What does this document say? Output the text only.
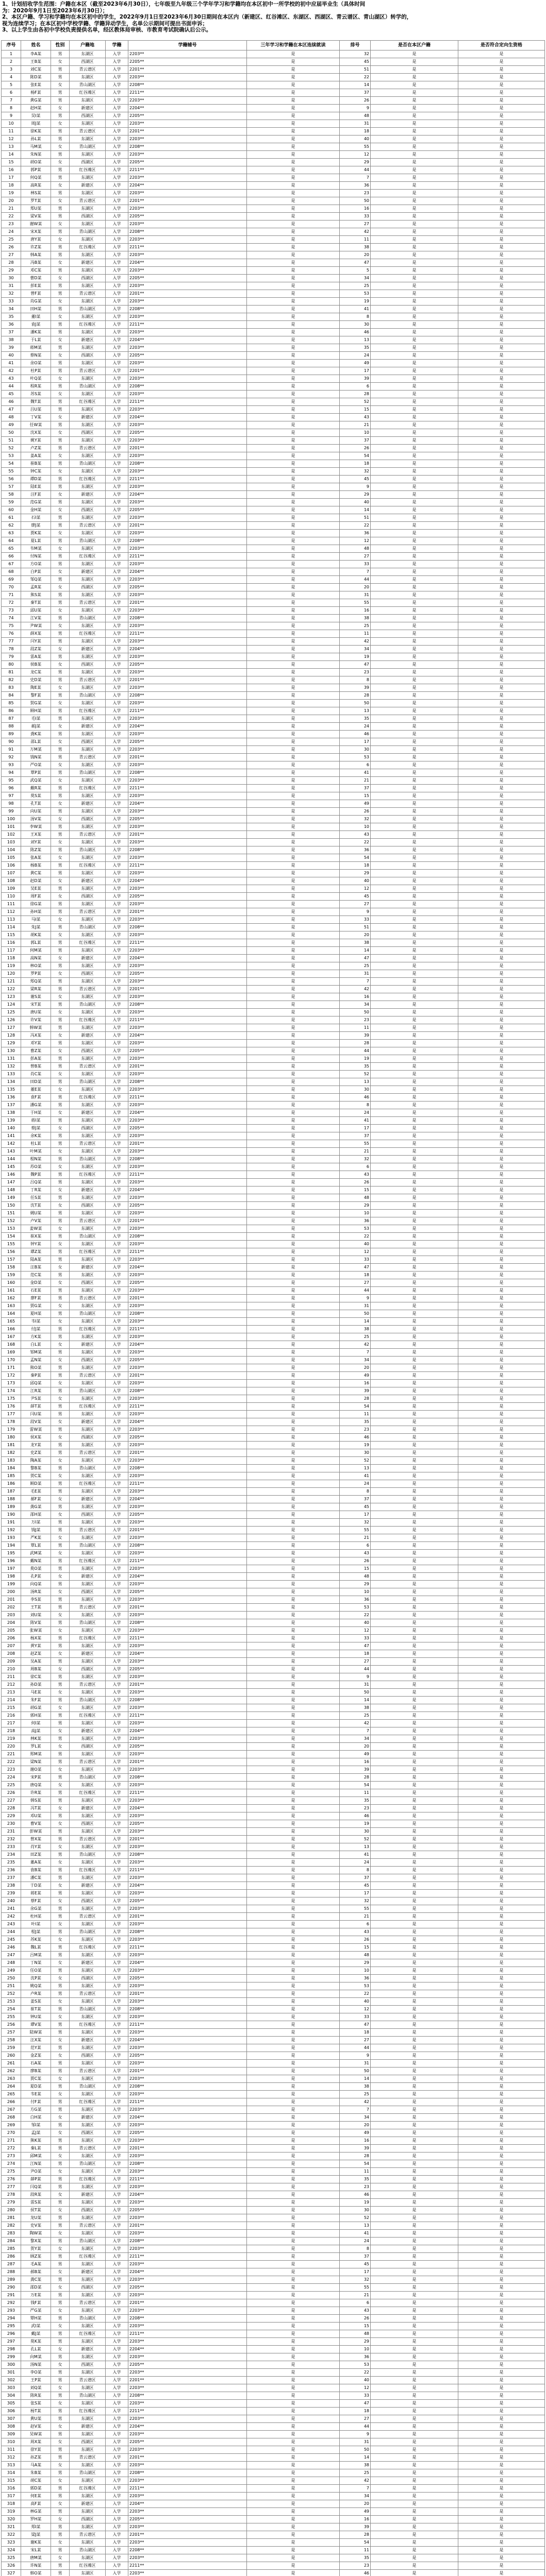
1、计划招收学生范围：户籍在本区（截至2023年6月30日），七年级至九年级三个学年学习和学籍均在本区初中一所学校的初中应届毕业生（具体时间
为：2020年9月1日至2023年6月30日）；
2、本区户籍、学习和学籍均在本区初中的学生，2022年9月1日至2023年6月30日期间在本区内（新建区、红谷滩区、东湖区、西湖区、青云谱区、青山湖区）转学的，
视为连续学习；在本区初中学校学籍、学籍异动学生，名单公示期间可提出书面申诉；
3、以上学生由各初中学校负责提供名单，经区教体局审核、市教育考试院确认后公示。
序号	姓名	性别	户籍地	学籍	学籍辅号	三年学习和学籍在本区连续就读	排号	是否在本区户籍	是否符合定向生资格
1	李A某	男	东湖区	入学	2203**	是	32	是	是
2	王B某	女	西湖区	入学	2205**	是	45	是	是
3	刘C某	男	青云谱区	入学	2201**	是	51	是	是
4	陈D某	男	东湖区	入学	2203**	是	22	是	是
5	张E某	女	青山湖区	入学	2208**	是	14	是	是
6	杨F某	男	红谷滩区	入学	2211**	是	37	是	是
7	黄G某	男	东湖区	入学	2203**	是	26	是	是
8	赵H某	女	新建区	入学	2204**	是	9	是	是
9	吴I某	男	西湖区	入学	2205**	是	48	是	是
10	周J某	女	东湖区	入学	2203**	是	31	是	是
11	徐K某	男	青云谱区	入学	2201**	是	18	是	是
12	孙L某	男	东湖区	入学	2203**	是	40	是	是
13	马M某	女	青山湖区	入学	2208**	是	55	是	是
14	朱N某	男	东湖区	入学	2203**	是	12	是	是
15	胡O某	女	西湖区	入学	2205**	是	29	是	是
16	郭P某	男	红谷滩区	入学	2211**	是	44	是	是
17	何Q某	男	东湖区	入学	2203**	是	7	是	是
18	高R某	女	新建区	入学	2204**	是	36	是	是
19	林S某	男	东湖区	入学	2203**	是	23	是	是
20	罗T某	女	青云谱区	入学	2201**	是	50	是	是
21	郑U某	男	东湖区	入学	2203**	是	16	是	是
22	梁V某	男	西湖区	入学	2205**	是	33	是	是
23	谢W某	女	东湖区	入学	2203**	是	27	是	是
24	宋X某	男	青山湖区	入学	2208**	是	42	是	是
25	唐Y某	女	东湖区	入学	2203**	是	11	是	是
26	许Z某	男	红谷滩区	入学	2211**	是	38	是	是
27	韩A某	男	东湖区	入学	2203**	是	20	是	是
28	冯B某	女	新建区	入学	2204**	是	47	是	是
29	邓C某	男	东湖区	入学	2203**	是	5	是	是
30	曹D某	女	西湖区	入学	2205**	是	34	是	是
31	彭E某	男	东湖区	入学	2203**	是	25	是	是
32	曾F某	男	青云谱区	入学	2201**	是	53	是	是
33	肖G某	女	东湖区	入学	2203**	是	19	是	是
34	田H某	男	青山湖区	入学	2208**	是	41	是	是
35	董I某	女	东湖区	入学	2203**	是	8	是	是
36	袁J某	男	红谷滩区	入学	2211**	是	30	是	是
37	潘K某	男	东湖区	入学	2203**	是	46	是	是
38	于L某	女	新建区	入学	2204**	是	13	是	是
39	蒋M某	男	东湖区	入学	2203**	是	35	是	是
40	蔡N某	女	西湖区	入学	2205**	是	24	是	是
41	余O某	男	东湖区	入学	2203**	是	49	是	是
42	杜P某	男	青云谱区	入学	2201**	是	17	是	是
43	叶Q某	女	东湖区	入学	2203**	是	39	是	是
44	程R某	男	青山湖区	入学	2208**	是	6	是	是
45	苏S某	女	东湖区	入学	2203**	是	28	是	是
46	魏T某	男	红谷滩区	入学	2211**	是	52	是	是
47	吕U某	男	东湖区	入学	2203**	是	15	是	是
48	丁V某	女	新建区	入学	2204**	是	43	是	是
49	任W某	男	东湖区	入学	2203**	是	21	是	是
50	沈X某	女	西湖区	入学	2205**	是	10	是	是
51	姚Y某	男	东湖区	入学	2203**	是	37	是	是
52	卢Z某	男	青云谱区	入学	2201**	是	26	是	是
53	姜A某	女	东湖区	入学	2203**	是	54	是	是
54	崔B某	男	青山湖区	入学	2208**	是	18	是	是
55	钟C某	女	东湖区	入学	2203**	是	32	是	是
56	谭D某	男	红谷滩区	入学	2211**	是	45	是	是
57	陆E某	男	东湖区	入学	2203**	是	9	是	是
58	汪F某	女	新建区	入学	2204**	是	29	是	是
59	范G某	男	东湖区	入学	2203**	是	40	是	是
60	金H某	女	西湖区	入学	2205**	是	14	是	是
61	石I某	男	东湖区	入学	2203**	是	51	是	是
62	廖J某	男	青云谱区	入学	2201**	是	22	是	是
63	贾K某	女	东湖区	入学	2203**	是	36	是	是
64	夏L某	男	青山湖区	入学	2208**	是	12	是	是
65	韦M某	女	东湖区	入学	2203**	是	48	是	是
66	付N某	男	红谷滩区	入学	2211**	是	27	是	是
67	方O某	男	东湖区	入学	2203**	是	33	是	是
68	白P某	女	新建区	入学	2204**	是	7	是	是
69	邹Q某	男	东湖区	入学	2203**	是	44	是	是
70	孟R某	女	西湖区	入学	2205**	是	20	是	是
71	熊S某	男	东湖区	入学	2203**	是	31	是	是
72	秦T某	男	青云谱区	入学	2201**	是	55	是	是
73	邱U某	女	东湖区	入学	2203**	是	16	是	是
74	江V某	男	青山湖区	入学	2208**	是	38	是	是
75	尹W某	女	东湖区	入学	2203**	是	25	是	是
76	薛X某	男	红谷滩区	入学	2211**	是	11	是	是
77	闫Y某	男	东湖区	入学	2203**	是	42	是	是
78	段Z某	女	新建区	入学	2204**	是	34	是	是
79	雷A某	男	东湖区	入学	2203**	是	19	是	是
80	侯B某	女	西湖区	入学	2205**	是	47	是	是
81	龙C某	男	东湖区	入学	2203**	是	23	是	是
82	史D某	男	青云谱区	入学	2201**	是	8	是	是
83	陶E某	女	东湖区	入学	2203**	是	39	是	是
84	黎F某	男	青山湖区	入学	2208**	是	28	是	是
85	贺G某	女	东湖区	入学	2203**	是	50	是	是
86	顾H某	男	红谷滩区	入学	2211**	是	13	是	是
87	毛I某	男	东湖区	入学	2203**	是	35	是	是
88	郝J某	女	新建区	入学	2204**	是	24	是	是
89	龚K某	男	东湖区	入学	2203**	是	46	是	是
90	邵L某	女	西湖区	入学	2205**	是	17	是	是
91	万M某	男	东湖区	入学	2203**	是	30	是	是
92	钱N某	男	青云谱区	入学	2201**	是	53	是	是
93	严O某	女	东湖区	入学	2203**	是	6	是	是
94	覃P某	男	青山湖区	入学	2208**	是	41	是	是
95	武Q某	女	东湖区	入学	2203**	是	21	是	是
96	戴R某	男	红谷滩区	入学	2211**	是	37	是	是
97	莫S某	男	东湖区	入学	2203**	是	15	是	是
98	孔T某	女	新建区	入学	2204**	是	49	是	是
99	向U某	男	东湖区	入学	2203**	是	26	是	是
100	汤V某	女	西湖区	入学	2205**	是	32	是	是
101	李W某	男	东湖区	入学	2203**	是	10	是	是
102	王X某	男	青云谱区	入学	2201**	是	43	是	是
103	刘Y某	女	东湖区	入学	2203**	是	22	是	是
104	陈Z某	男	青山湖区	入学	2208**	是	36	是	是
105	张A某	女	东湖区	入学	2203**	是	54	是	是
106	杨B某	男	红谷滩区	入学	2211**	是	18	是	是
107	黄C某	男	东湖区	入学	2203**	是	29	是	是
108	赵D某	女	新建区	入学	2204**	是	40	是	是
109	吴E某	男	东湖区	入学	2203**	是	12	是	是
110	周F某	女	西湖区	入学	2205**	是	45	是	是
111	徐G某	男	东湖区	入学	2203**	是	27	是	是
112	孙H某	男	青云谱区	入学	2201**	是	9	是	是
113	马I某	女	东湖区	入学	2203**	是	33	是	是
114	朱J某	男	青山湖区	入学	2208**	是	51	是	是
115	胡K某	女	东湖区	入学	2203**	是	20	是	是
116	郭L某	男	红谷滩区	入学	2211**	是	38	是	是
117	何M某	男	东湖区	入学	2203**	是	14	是	是
118	高N某	女	新建区	入学	2204**	是	47	是	是
119	林O某	男	东湖区	入学	2203**	是	25	是	是
120	罗P某	女	西湖区	入学	2205**	是	31	是	是
121	郑Q某	男	东湖区	入学	2203**	是	7	是	是
122	梁R某	男	青云谱区	入学	2201**	是	42	是	是
123	谢S某	女	东湖区	入学	2203**	是	16	是	是
124	宋T某	男	青山湖区	入学	2208**	是	34	是	是
125	唐U某	女	东湖区	入学	2203**	是	50	是	是
126	许V某	男	红谷滩区	入学	2211**	是	23	是	是
127	韩W某	男	东湖区	入学	2203**	是	11	是	是
128	冯X某	女	新建区	入学	2204**	是	39	是	是
129	邓Y某	男	东湖区	入学	2203**	是	28	是	是
130	曹Z某	女	西湖区	入学	2205**	是	44	是	是
131	彭A某	男	东湖区	入学	2203**	是	19	是	是
132	曾B某	男	青云谱区	入学	2201**	是	35	是	是
133	肖C某	女	东湖区	入学	2203**	是	52	是	是
134	田D某	男	青山湖区	入学	2208**	是	13	是	是
135	董E某	女	东湖区	入学	2203**	是	30	是	是
136	袁F某	男	红谷滩区	入学	2211**	是	46	是	是
137	潘G某	男	东湖区	入学	2203**	是	8	是	是
138	于H某	女	新建区	入学	2204**	是	24	是	是
139	蒋I某	男	东湖区	入学	2203**	是	41	是	是
140	蔡J某	女	西湖区	入学	2205**	是	17	是	是
141	余K某	男	东湖区	入学	2203**	是	37	是	是
142	杜L某	男	青云谱区	入学	2201**	是	55	是	是
143	叶M某	女	东湖区	入学	2203**	是	21	是	是
144	程N某	男	青山湖区	入学	2208**	是	32	是	是
145	苏O某	女	东湖区	入学	2203**	是	6	是	是
146	魏P某	男	红谷滩区	入学	2211**	是	43	是	是
147	吕Q某	男	东湖区	入学	2203**	是	26	是	是
148	丁R某	女	新建区	入学	2204**	是	15	是	是
149	任S某	男	东湖区	入学	2203**	是	48	是	是
150	沈T某	女	西湖区	入学	2205**	是	29	是	是
151	姚U某	男	东湖区	入学	2203**	是	10	是	是
152	卢V某	男	青云谱区	入学	2201**	是	36	是	是
153	姜W某	女	东湖区	入学	2203**	是	53	是	是
154	崔X某	男	青山湖区	入学	2208**	是	22	是	是
155	钟Y某	女	东湖区	入学	2203**	是	40	是	是
156	谭Z某	男	红谷滩区	入学	2211**	是	12	是	是
157	陆A某	男	东湖区	入学	2203**	是	33	是	是
158	汪B某	女	新建区	入学	2204**	是	47	是	是
159	范C某	男	东湖区	入学	2203**	是	18	是	是
160	金D某	女	西湖区	入学	2205**	是	27	是	是
161	石E某	男	东湖区	入学	2203**	是	44	是	是
162	廖F某	男	青云谱区	入学	2201**	是	9	是	是
163	贾G某	女	东湖区	入学	2203**	是	31	是	是
164	夏H某	男	青山湖区	入学	2208**	是	50	是	是
165	韦I某	女	东湖区	入学	2203**	是	14	是	是
166	付J某	男	红谷滩区	入学	2211**	是	38	是	是
167	方K某	男	东湖区	入学	2203**	是	25	是	是
168	白L某	女	新建区	入学	2204**	是	42	是	是
169	邹M某	男	东湖区	入学	2203**	是	7	是	是
170	孟N某	女	西湖区	入学	2205**	是	34	是	是
171	熊O某	男	东湖区	入学	2203**	是	20	是	是
172	秦P某	男	青云谱区	入学	2201**	是	49	是	是
173	邱Q某	女	东湖区	入学	2203**	是	16	是	是
174	江R某	男	青山湖区	入学	2208**	是	39	是	是
175	尹S某	女	东湖区	入学	2203**	是	28	是	是
176	薛T某	男	红谷滩区	入学	2211**	是	54	是	是
177	闫U某	男	东湖区	入学	2203**	是	11	是	是
178	段V某	女	新建区	入学	2204**	是	35	是	是
179	雷W某	男	东湖区	入学	2203**	是	23	是	是
180	侯X某	女	西湖区	入学	2205**	是	46	是	是
181	龙Y某	男	东湖区	入学	2203**	是	19	是	是
182	史Z某	男	青云谱区	入学	2201**	是	30	是	是
183	陶A某	女	东湖区	入学	2203**	是	52	是	是
184	黎B某	男	青山湖区	入学	2208**	是	13	是	是
185	贺C某	女	东湖区	入学	2203**	是	41	是	是
186	顾D某	男	红谷滩区	入学	2211**	是	24	是	是
187	毛E某	男	东湖区	入学	2203**	是	8	是	是
188	郝F某	女	新建区	入学	2204**	是	37	是	是
189	龚G某	男	东湖区	入学	2203**	是	45	是	是
190	邵H某	女	西湖区	入学	2205**	是	17	是	是
191	万I某	男	东湖区	入学	2203**	是	32	是	是
192	钱J某	男	青云谱区	入学	2201**	是	55	是	是
193	严K某	女	东湖区	入学	2203**	是	21	是	是
194	覃L某	男	青山湖区	入学	2208**	是	6	是	是
195	武M某	女	东湖区	入学	2203**	是	43	是	是
196	戴N某	男	红谷滩区	入学	2211**	是	26	是	是
197	莫O某	男	东湖区	入学	2203**	是	15	是	是
198	孔P某	女	新建区	入学	2204**	是	48	是	是
199	向Q某	男	东湖区	入学	2203**	是	29	是	是
200	汤R某	女	西湖区	入学	2205**	是	10	是	是
201	李S某	男	东湖区	入学	2203**	是	36	是	是
202	王T某	男	青云谱区	入学	2201**	是	53	是	是
203	刘U某	女	东湖区	入学	2203**	是	22	是	是
204	陈V某	男	青山湖区	入学	2208**	是	40	是	是
205	张W某	女	东湖区	入学	2203**	是	12	是	是
206	杨X某	男	红谷滩区	入学	2211**	是	33	是	是
207	黄Y某	男	东湖区	入学	2203**	是	47	是	是
208	赵Z某	女	新建区	入学	2204**	是	18	是	是
209	吴A某	男	东湖区	入学	2203**	是	27	是	是
210	周B某	女	西湖区	入学	2205**	是	44	是	是
211	徐C某	男	东湖区	入学	2203**	是	9	是	是
212	孙D某	男	青云谱区	入学	2201**	是	31	是	是
213	马E某	女	东湖区	入学	2203**	是	50	是	是
214	朱F某	男	青山湖区	入学	2208**	是	14	是	是
215	胡G某	女	东湖区	入学	2203**	是	38	是	是
216	郭H某	男	红谷滩区	入学	2211**	是	25	是	是
217	何I某	男	东湖区	入学	2203**	是	42	是	是
218	高J某	女	新建区	入学	2204**	是	7	是	是
219	林K某	男	东湖区	入学	2203**	是	34	是	是
220	罗L某	女	西湖区	入学	2205**	是	20	是	是
221	郑M某	男	东湖区	入学	2203**	是	49	是	是
222	梁N某	男	青云谱区	入学	2201**	是	16	是	是
223	谢O某	女	东湖区	入学	2203**	是	39	是	是
224	宋P某	男	青山湖区	入学	2208**	是	28	是	是
225	唐Q某	女	东湖区	入学	2203**	是	54	是	是
226	许R某	男	红谷滩区	入学	2211**	是	11	是	是
227	韩S某	男	东湖区	入学	2203**	是	35	是	是
228	冯T某	女	新建区	入学	2204**	是	23	是	是
229	邓U某	男	东湖区	入学	2203**	是	46	是	是
230	曹V某	女	西湖区	入学	2205**	是	19	是	是
231	彭W某	男	东湖区	入学	2203**	是	30	是	是
232	曾X某	男	青云谱区	入学	2201**	是	52	是	是
233	肖Y某	女	东湖区	入学	2203**	是	13	是	是
234	田Z某	男	青山湖区	入学	2208**	是	41	是	是
235	董A某	女	东湖区	入学	2203**	是	24	是	是
236	袁B某	男	红谷滩区	入学	2211**	是	8	是	是
237	潘C某	男	东湖区	入学	2203**	是	37	是	是
238	于D某	女	新建区	入学	2204**	是	45	是	是
239	蒋E某	男	东湖区	入学	2203**	是	17	是	是
240	蔡F某	女	西湖区	入学	2205**	是	32	是	是
241	余G某	男	东湖区	入学	2203**	是	55	是	是
242	杜H某	男	青云谱区	入学	2201**	是	21	是	是
243	叶I某	女	东湖区	入学	2203**	是	6	是	是
244	程J某	男	青山湖区	入学	2208**	是	43	是	是
245	苏K某	女	东湖区	入学	2203**	是	26	是	是
246	魏L某	男	红谷滩区	入学	2211**	是	15	是	是
247	吕M某	男	东湖区	入学	2203**	是	48	是	是
248	丁N某	女	新建区	入学	2204**	是	29	是	是
249	任O某	男	东湖区	入学	2203**	是	10	是	是
250	沈P某	女	西湖区	入学	2205**	是	36	是	是
251	姚Q某	男	东湖区	入学	2203**	是	53	是	是
252	卢R某	男	青云谱区	入学	2201**	是	22	是	是
253	姜S某	女	东湖区	入学	2203**	是	40	是	是
254	崔T某	男	青山湖区	入学	2208**	是	12	是	是
255	钟U某	女	东湖区	入学	2203**	是	33	是	是
256	谭V某	男	红谷滩区	入学	2211**	是	47	是	是
257	陆W某	男	东湖区	入学	2203**	是	18	是	是
258	汪X某	女	新建区	入学	2204**	是	27	是	是
259	范Y某	男	东湖区	入学	2203**	是	44	是	是
260	金Z某	女	西湖区	入学	2205**	是	9	是	是
261	石A某	男	东湖区	入学	2203**	是	31	是	是
262	廖B某	男	青云谱区	入学	2201**	是	50	是	是
263	贾C某	女	东湖区	入学	2203**	是	14	是	是
264	夏D某	男	青山湖区	入学	2208**	是	38	是	是
265	韦E某	女	东湖区	入学	2203**	是	25	是	是
266	付F某	男	红谷滩区	入学	2211**	是	42	是	是
267	方G某	男	东湖区	入学	2203**	是	7	是	是
268	白H某	女	新建区	入学	2204**	是	34	是	是
269	邹I某	男	东湖区	入学	2203**	是	20	是	是
270	孟J某	女	西湖区	入学	2205**	是	49	是	是
271	熊K某	男	东湖区	入学	2203**	是	16	是	是
272	秦L某	男	青云谱区	入学	2201**	是	39	是	是
273	邱M某	女	东湖区	入学	2203**	是	28	是	是
274	江N某	男	青山湖区	入学	2208**	是	54	是	是
275	尹O某	女	东湖区	入学	2203**	是	11	是	是
276	薛P某	男	红谷滩区	入学	2211**	是	35	是	是
277	闫Q某	男	东湖区	入学	2203**	是	23	是	是
278	段R某	女	新建区	入学	2204**	是	46	是	是
279	雷S某	男	东湖区	入学	2203**	是	19	是	是
280	侯T某	女	西湖区	入学	2205**	是	30	是	是
281	龙U某	男	东湖区	入学	2203**	是	52	是	是
282	史V某	男	青云谱区	入学	2201**	是	13	是	是
283	陶W某	女	东湖区	入学	2203**	是	41	是	是
284	黎X某	男	青山湖区	入学	2208**	是	24	是	是
285	贺Y某	女	东湖区	入学	2203**	是	8	是	是
286	顾Z某	男	红谷滩区	入学	2211**	是	37	是	是
287	毛A某	男	东湖区	入学	2203**	是	45	是	是
288	郝B某	女	新建区	入学	2204**	是	17	是	是
289	龚C某	男	东湖区	入学	2203**	是	32	是	是
290	邵D某	女	西湖区	入学	2205**	是	55	是	是
291	万E某	男	东湖区	入学	2203**	是	21	是	是
292	钱F某	男	青云谱区	入学	2201**	是	6	是	是
293	严G某	女	东湖区	入学	2203**	是	43	是	是
294	覃H某	男	青山湖区	入学	2208**	是	26	是	是
295	武I某	女	东湖区	入学	2203**	是	15	是	是
296	戴J某	男	红谷滩区	入学	2211**	是	48	是	是
297	莫K某	男	东湖区	入学	2203**	是	29	是	是
298	孔L某	女	新建区	入学	2204**	是	10	是	是
299	向M某	男	东湖区	入学	2203**	是	36	是	是
300	汤N某	女	西湖区	入学	2205**	是	53	是	是
301	李O某	男	东湖区	入学	2203**	是	22	是	是
302	王P某	男	青云谱区	入学	2201**	是	40	是	是
303	刘Q某	女	东湖区	入学	2203**	是	12	是	是
304	陈R某	男	青山湖区	入学	2208**	是	33	是	是
305	张S某	女	东湖区	入学	2203**	是	47	是	是
306	杨T某	男	红谷滩区	入学	2211**	是	18	是	是
307	黄U某	男	东湖区	入学	2203**	是	27	是	是
308	赵V某	女	新建区	入学	2204**	是	44	是	是
309	吴W某	男	东湖区	入学	2203**	是	9	是	是
310	周X某	女	西湖区	入学	2205**	是	31	是	是
311	徐Y某	男	东湖区	入学	2203**	是	50	是	是
312	孙Z某	男	青云谱区	入学	2201**	是	14	是	是
313	马A某	女	东湖区	入学	2203**	是	38	是	是
314	朱B某	男	青山湖区	入学	2208**	是	25	是	是
315	胡C某	女	东湖区	入学	2203**	是	42	是	是
316	郭D某	男	红谷滩区	入学	2211**	是	7	是	是
317	何E某	男	东湖区	入学	2203**	是	34	是	是
318	高F某	女	新建区	入学	2204**	是	20	是	是
319	林G某	男	东湖区	入学	2203**	是	49	是	是
320	罗H某	女	西湖区	入学	2205**	是	16	是	是
321	郑I某	男	东湖区	入学	2203**	是	39	是	是
322	梁J某	男	青云谱区	入学	2201**	是	28	是	是
323	谢K某	女	东湖区	入学	2203**	是	54	是	是
324	宋L某	男	青山湖区	入学	2208**	是	11	是	是
325	唐M某	女	东湖区	入学	2203**	是	35	是	是
326	许N某	男	红谷滩区	入学	2211**	是	23	是	是
327	韩O某	男	东湖区	入学	2203**	是	46	是	是
